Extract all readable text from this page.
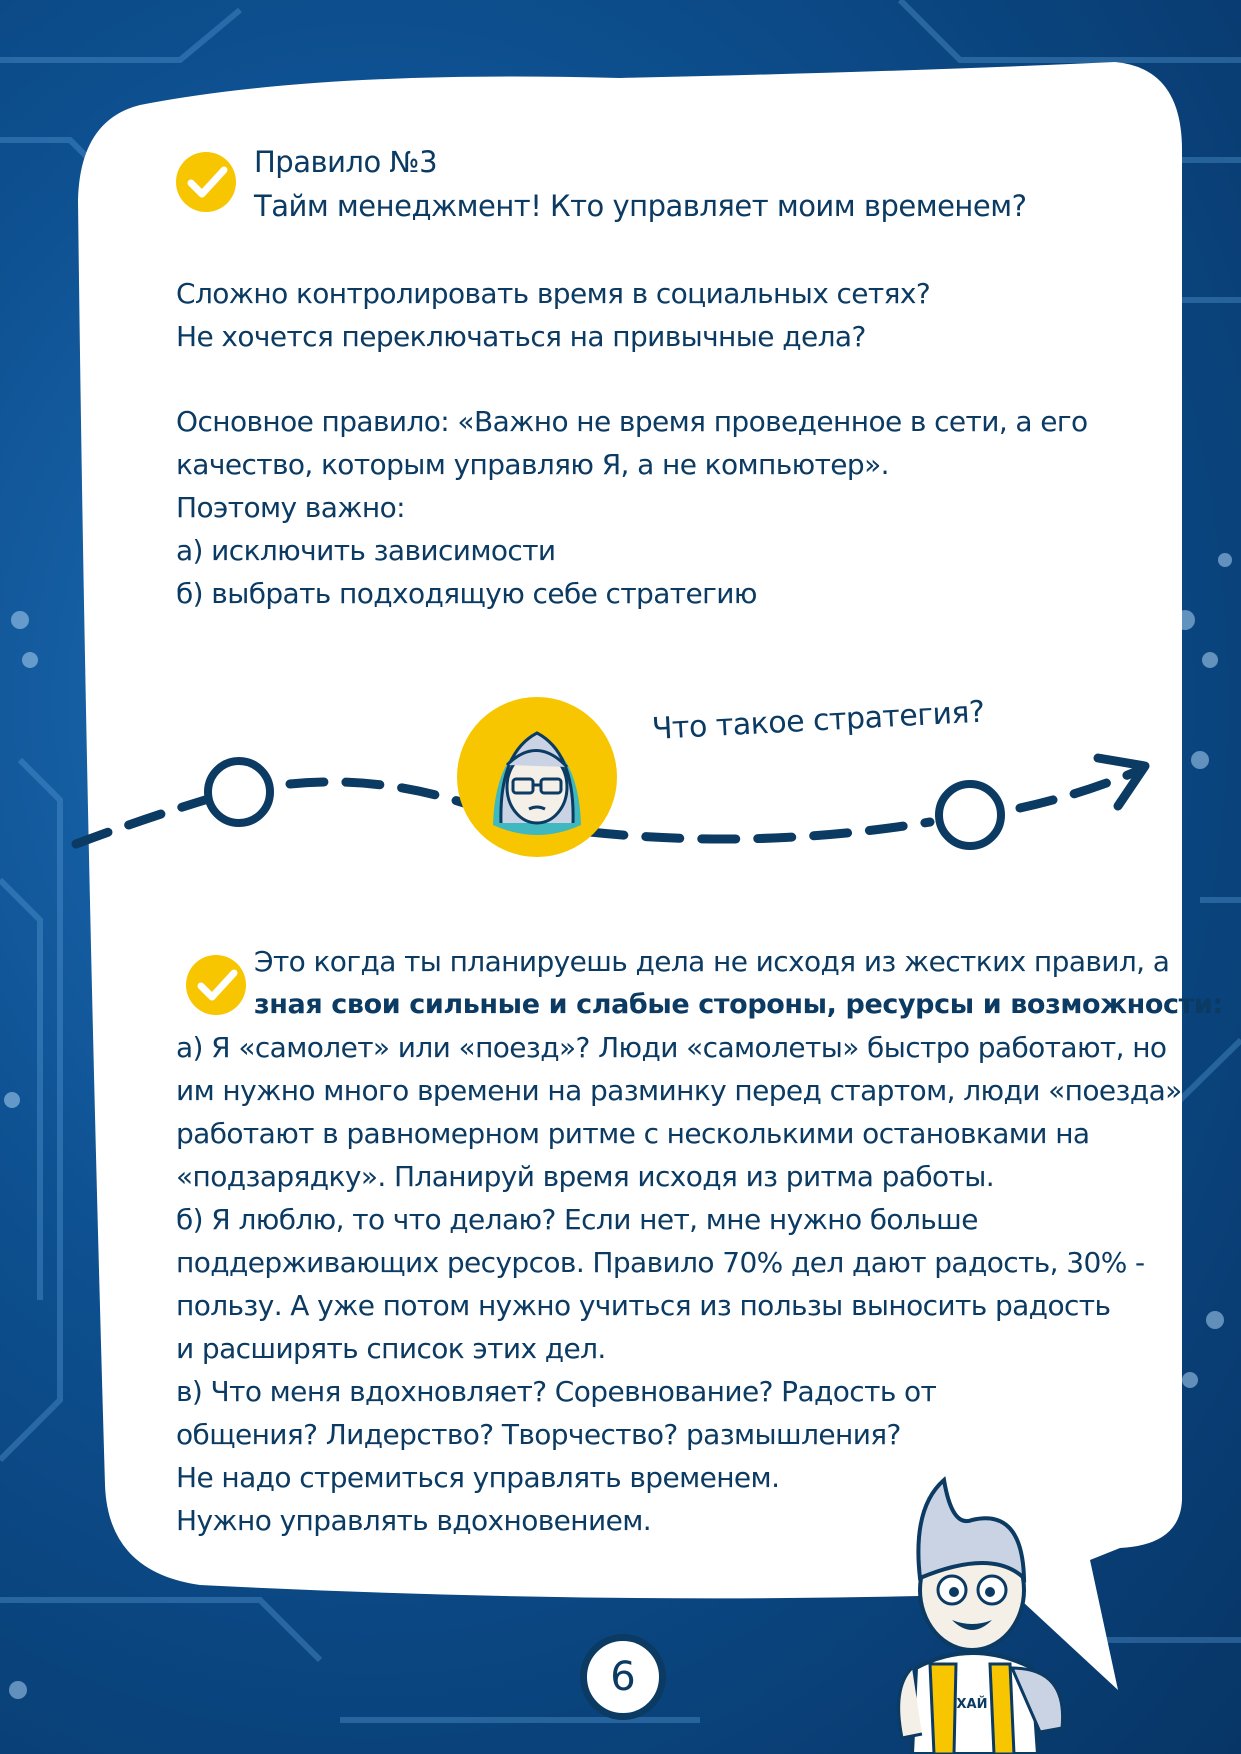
Правило №3
Тайм менеджмент! Кто управляет моим временем?
Сложно контролировать время в социальных сетях?
Не хочется переключаться на привычные дела?
Основное правило: «Важно не время проведенное в сети, а его
качество, которым управляю Я, а не компьютер».
Поэтому важно:
а) исключить зависимости
б) выбрать подходящую себе стратегию
Что такое стратегия?
Это когда ты планируешь дела не исходя из жестких правил, а
зная свои сильные и слабые стороны, ресурсы и возможности:
а) Я «самолет» или «поезд»? Люди «самолеты» быстро работают, но
им нужно много времени на разминку перед стартом, люди «поезда»
работают в равномерном ритме с несколькими остановками на
«подзарядку». Планируй время исходя из ритма работы.
б) Я люблю, то что делаю? Если нет, мне нужно больше
поддерживающих ресурсов. Правило 70% дел дают радость, 30% -
пользу. А уже потом нужно учиться из пользы выносить радость
и расширять список этих дел.
в) Что меня вдохновляет? Соревнование? Радость от
общения? Лидерство? Творчество? размышления?
Не надо стремиться управлять временем.
Нужно управлять вдохновением.
ХАЙ
6
